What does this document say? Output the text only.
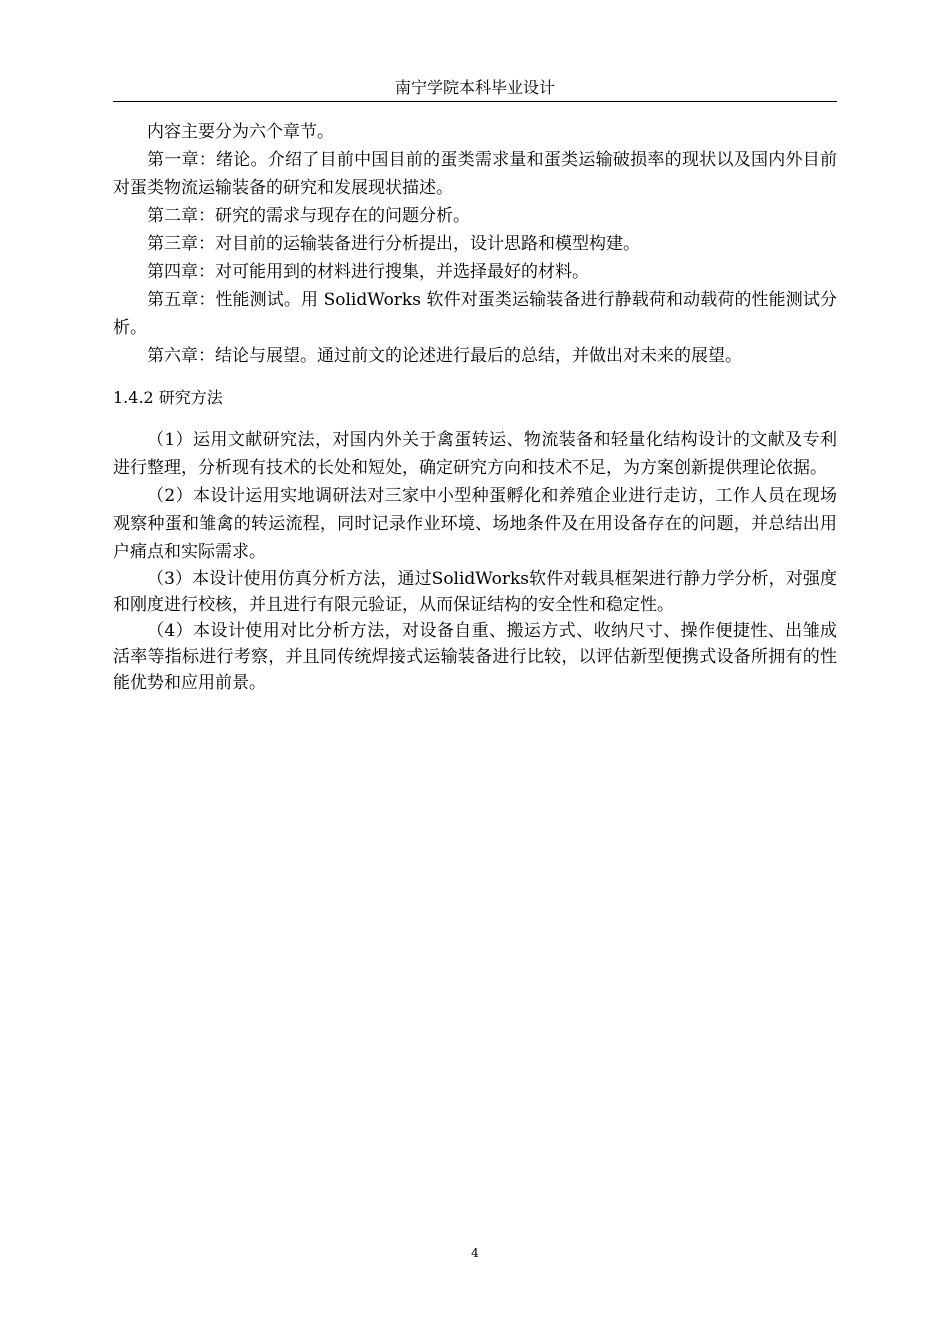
南宁学院本科毕业设计

内容主要分为六个章节。

第一章：绪论。介绍了目前中国目前的蛋类需求量和蛋类运输破损率的现状以及国内外目前对蛋类物流运输装备的研究和发展现状描述。

第二章：研究的需求与现存在的问题分析。

第三章：对目前的运输装备进行分析提出，设计思路和模型构建。

第四章：对可能用到的材料进行搜集，并选择最好的材料。

第五章：性能测试。用 SolidWorks 软件对蛋类运输装备进行静载荷和动载荷的性能测试分析。

第六章：结论与展望。通过前文的论述进行最后的总结，并做出对未来的展望。

1.4.2 研究方法

（1）运用文献研究法，对国内外关于禽蛋转运、物流装备和轻量化结构设计的文献及专利进行整理，分析现有技术的长处和短处，确定研究方向和技术不足，为方案创新提供理论依据。

（2）本设计运用实地调研法对三家中小型种蛋孵化和养殖企业进行走访，工作人员在现场观察种蛋和雏禽的转运流程，同时记录作业环境、场地条件及在用设备存在的问题，并总结出用户痛点和实际需求。

（3）本设计使用仿真分析方法，通过SolidWorks软件对载具框架进行静力学分析，对强度和刚度进行校核，并且进行有限元验证，从而保证结构的安全性和稳定性。

（4）本设计使用对比分析方法，对设备自重、搬运方式、收纳尺寸、操作便捷性、出雏成活率等指标进行考察，并且同传统焊接式运输装备进行比较，以评估新型便携式设备所拥有的性能优势和应用前景。

4
